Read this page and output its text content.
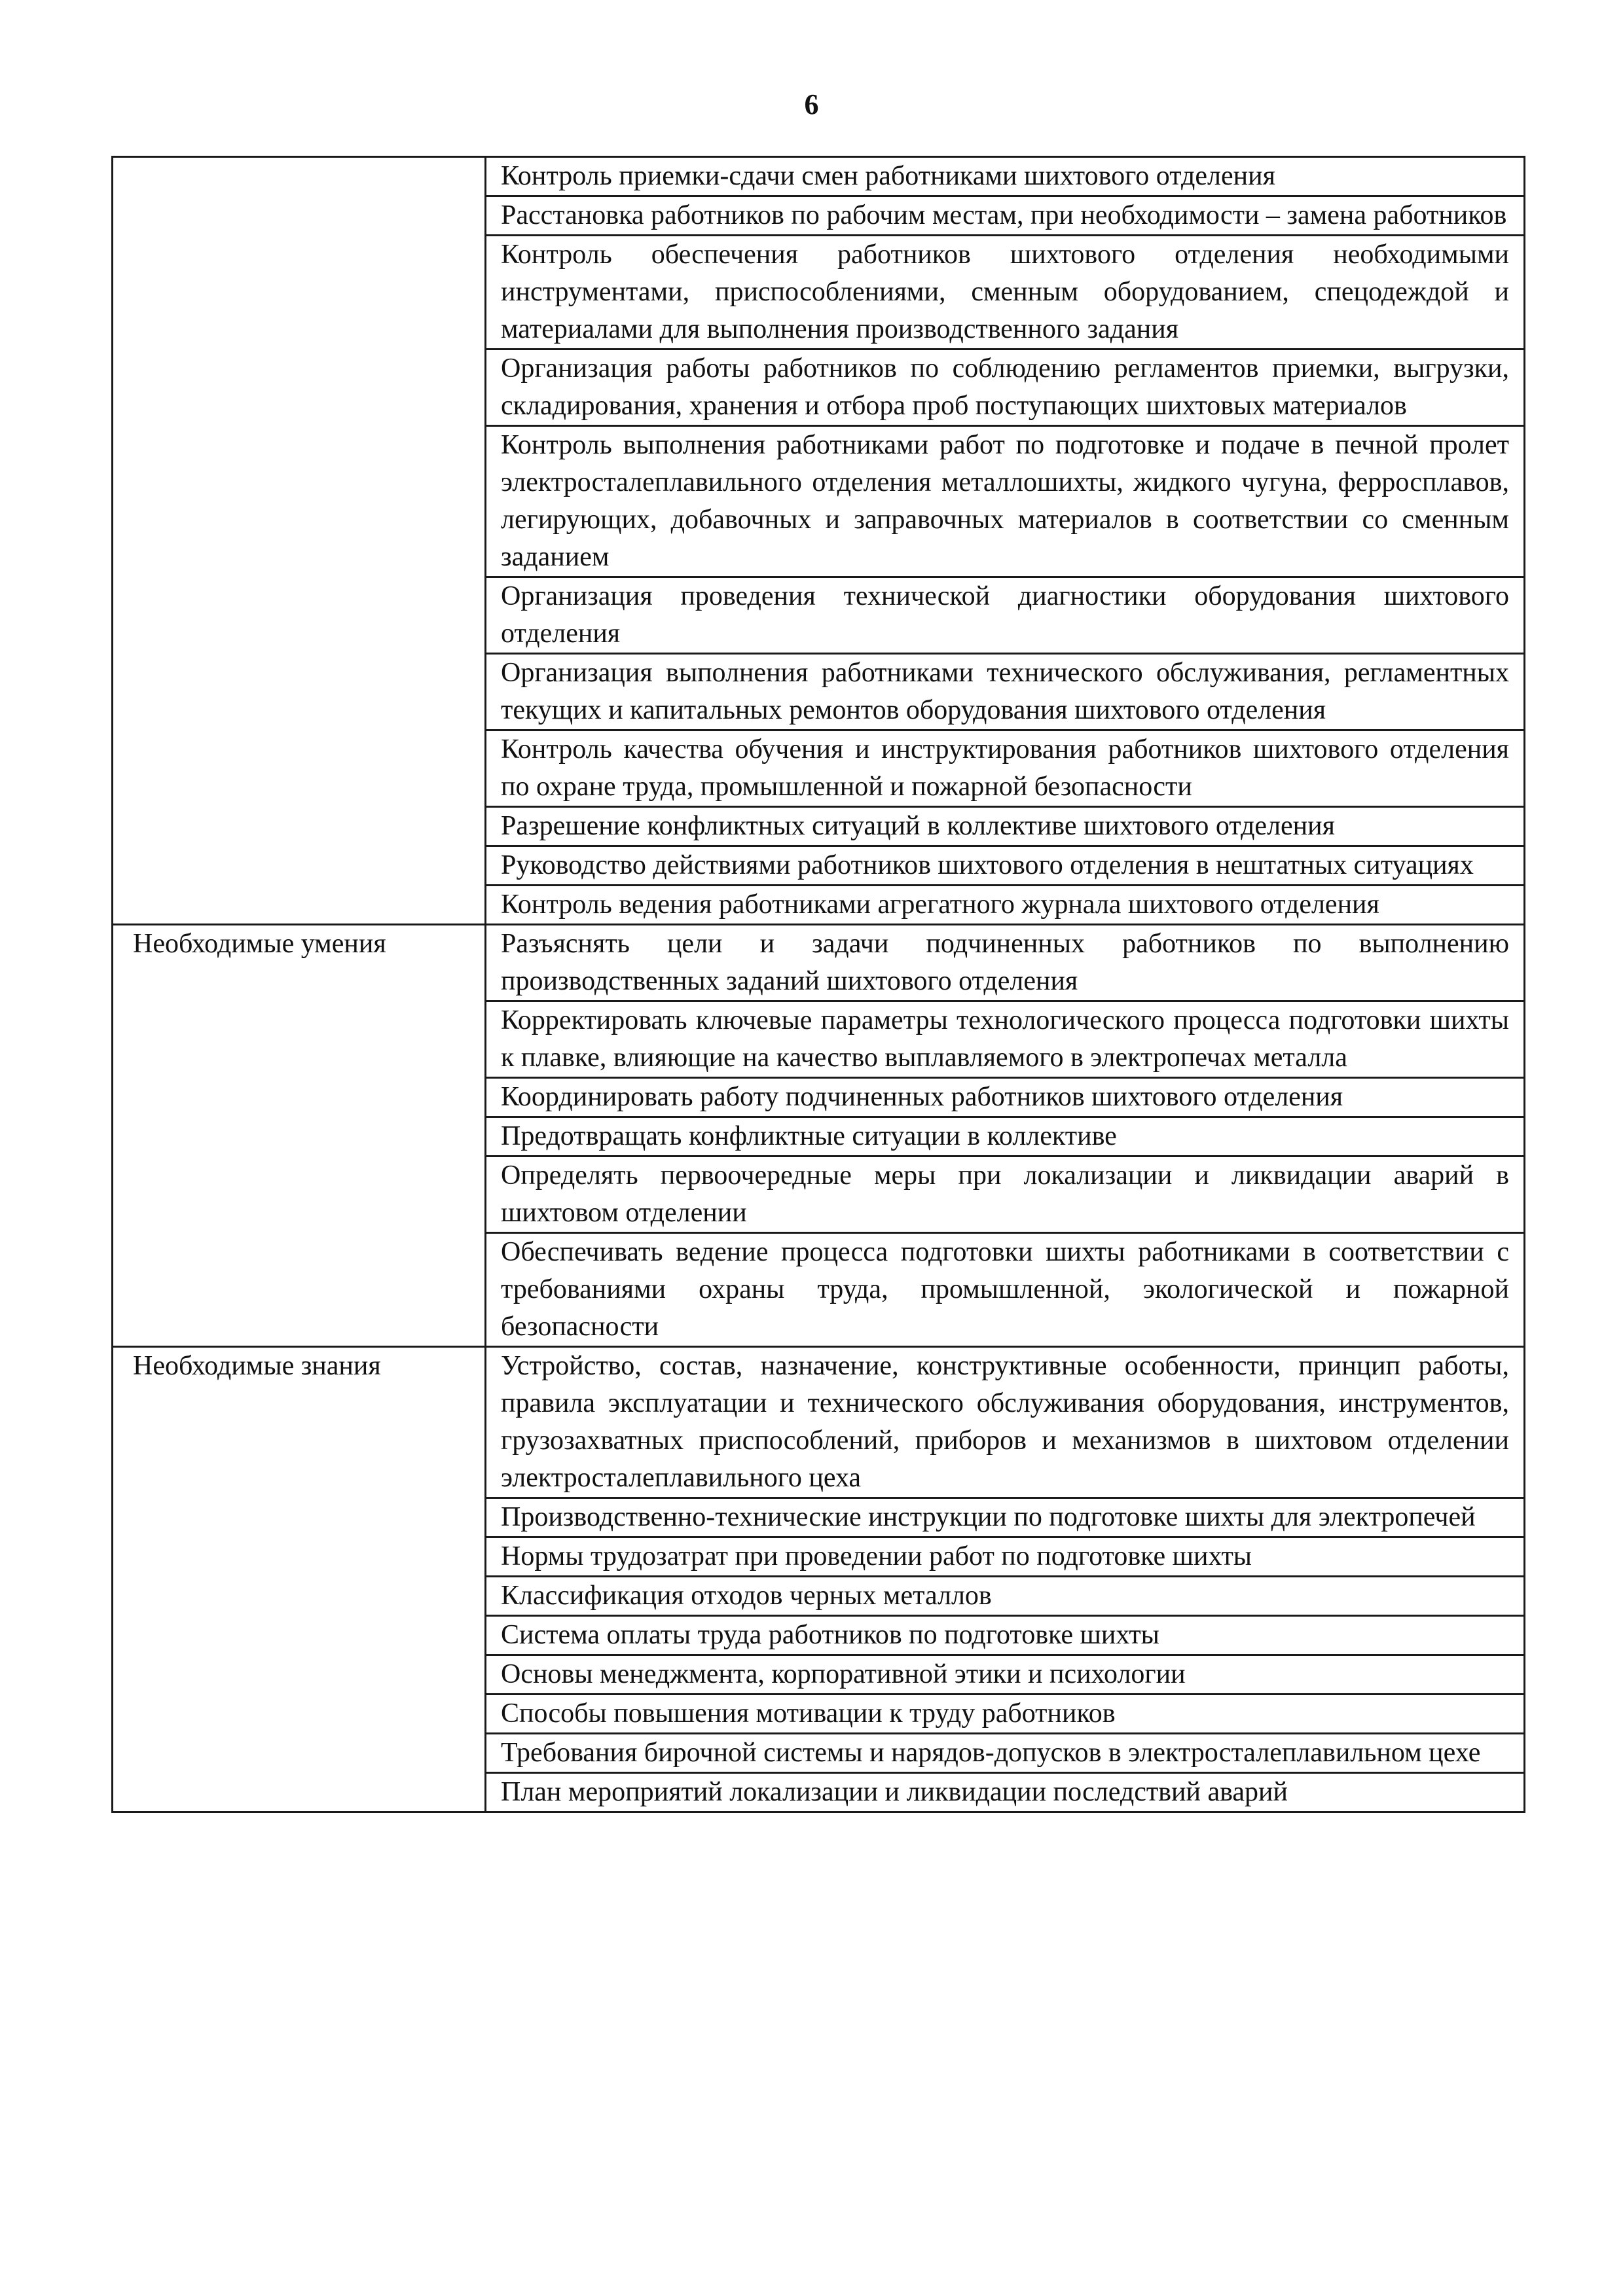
6
	Контроль приемки-сдачи смен работниками шихтового отделения
	Расстановка работников по рабочим местам, при необходимости – замена работников
	Контроль обеспечения работников шихтового отделения необходимыми инструментами, приспособлениями, сменным оборудованием, спецодеждой и материалами для выполнения производственного задания
	Организация работы работников по соблюдению регламентов приемки, выгрузки, складирования, хранения и отбора проб поступающих шихтовых материалов
	Контроль выполнения работниками работ по подготовке и подаче в печной пролет электросталеплавильного отделения металлошихты, жидкого чугуна, ферросплавов, легирующих, добавочных и заправочных материалов в соответствии со сменным заданием
	Организация проведения технической диагностики оборудования шихтового отделения
	Организация выполнения работниками технического обслуживания, регламентных текущих и капитальных ремонтов оборудования шихтового отделения
	Контроль качества обучения и инструктирования работников шихтового отделения по охране труда, промышленной и пожарной безопасности
	Разрешение конфликтных ситуаций в коллективе шихтового отделения
	Руководство действиями работников шихтового отделения в нештатных ситуациях
	Контроль ведения работниками агрегатного журнала шихтового отделения
Необходимые умения	Разъяснять цели и задачи подчиненных работников по выполнению производственных заданий шихтового отделения
	Корректировать ключевые параметры технологического процесса подготовки шихты к плавке, влияющие на качество выплавляемого в электропечах металла
	Координировать работу подчиненных работников шихтового отделения
	Предотвращать конфликтные ситуации в коллективе
	Определять первоочередные меры при локализации и ликвидации аварий в шихтовом отделении
	Обеспечивать ведение процесса подготовки шихты работниками в соответствии с требованиями охраны труда, промышленной, экологической и пожарной безопасности
Необходимые знания	Устройство, состав, назначение, конструктивные особенности, принцип работы, правила эксплуатации и технического обслуживания оборудования, инструментов, грузозахватных приспособлений, приборов и механизмов в шихтовом отделении электросталеплавильного цеха
	Производственно-технические инструкции по подготовке шихты для электропечей
	Нормы трудозатрат при проведении работ по подготовке шихты
	Классификация отходов черных металлов
	Система оплаты труда работников по подготовке шихты
	Основы менеджмента, корпоративной этики и психологии
	Способы повышения мотивации к труду работников
	Требования бирочной системы и нарядов-допусков в электросталеплавильном цехе
	План мероприятий локализации и ликвидации последствий аварий
